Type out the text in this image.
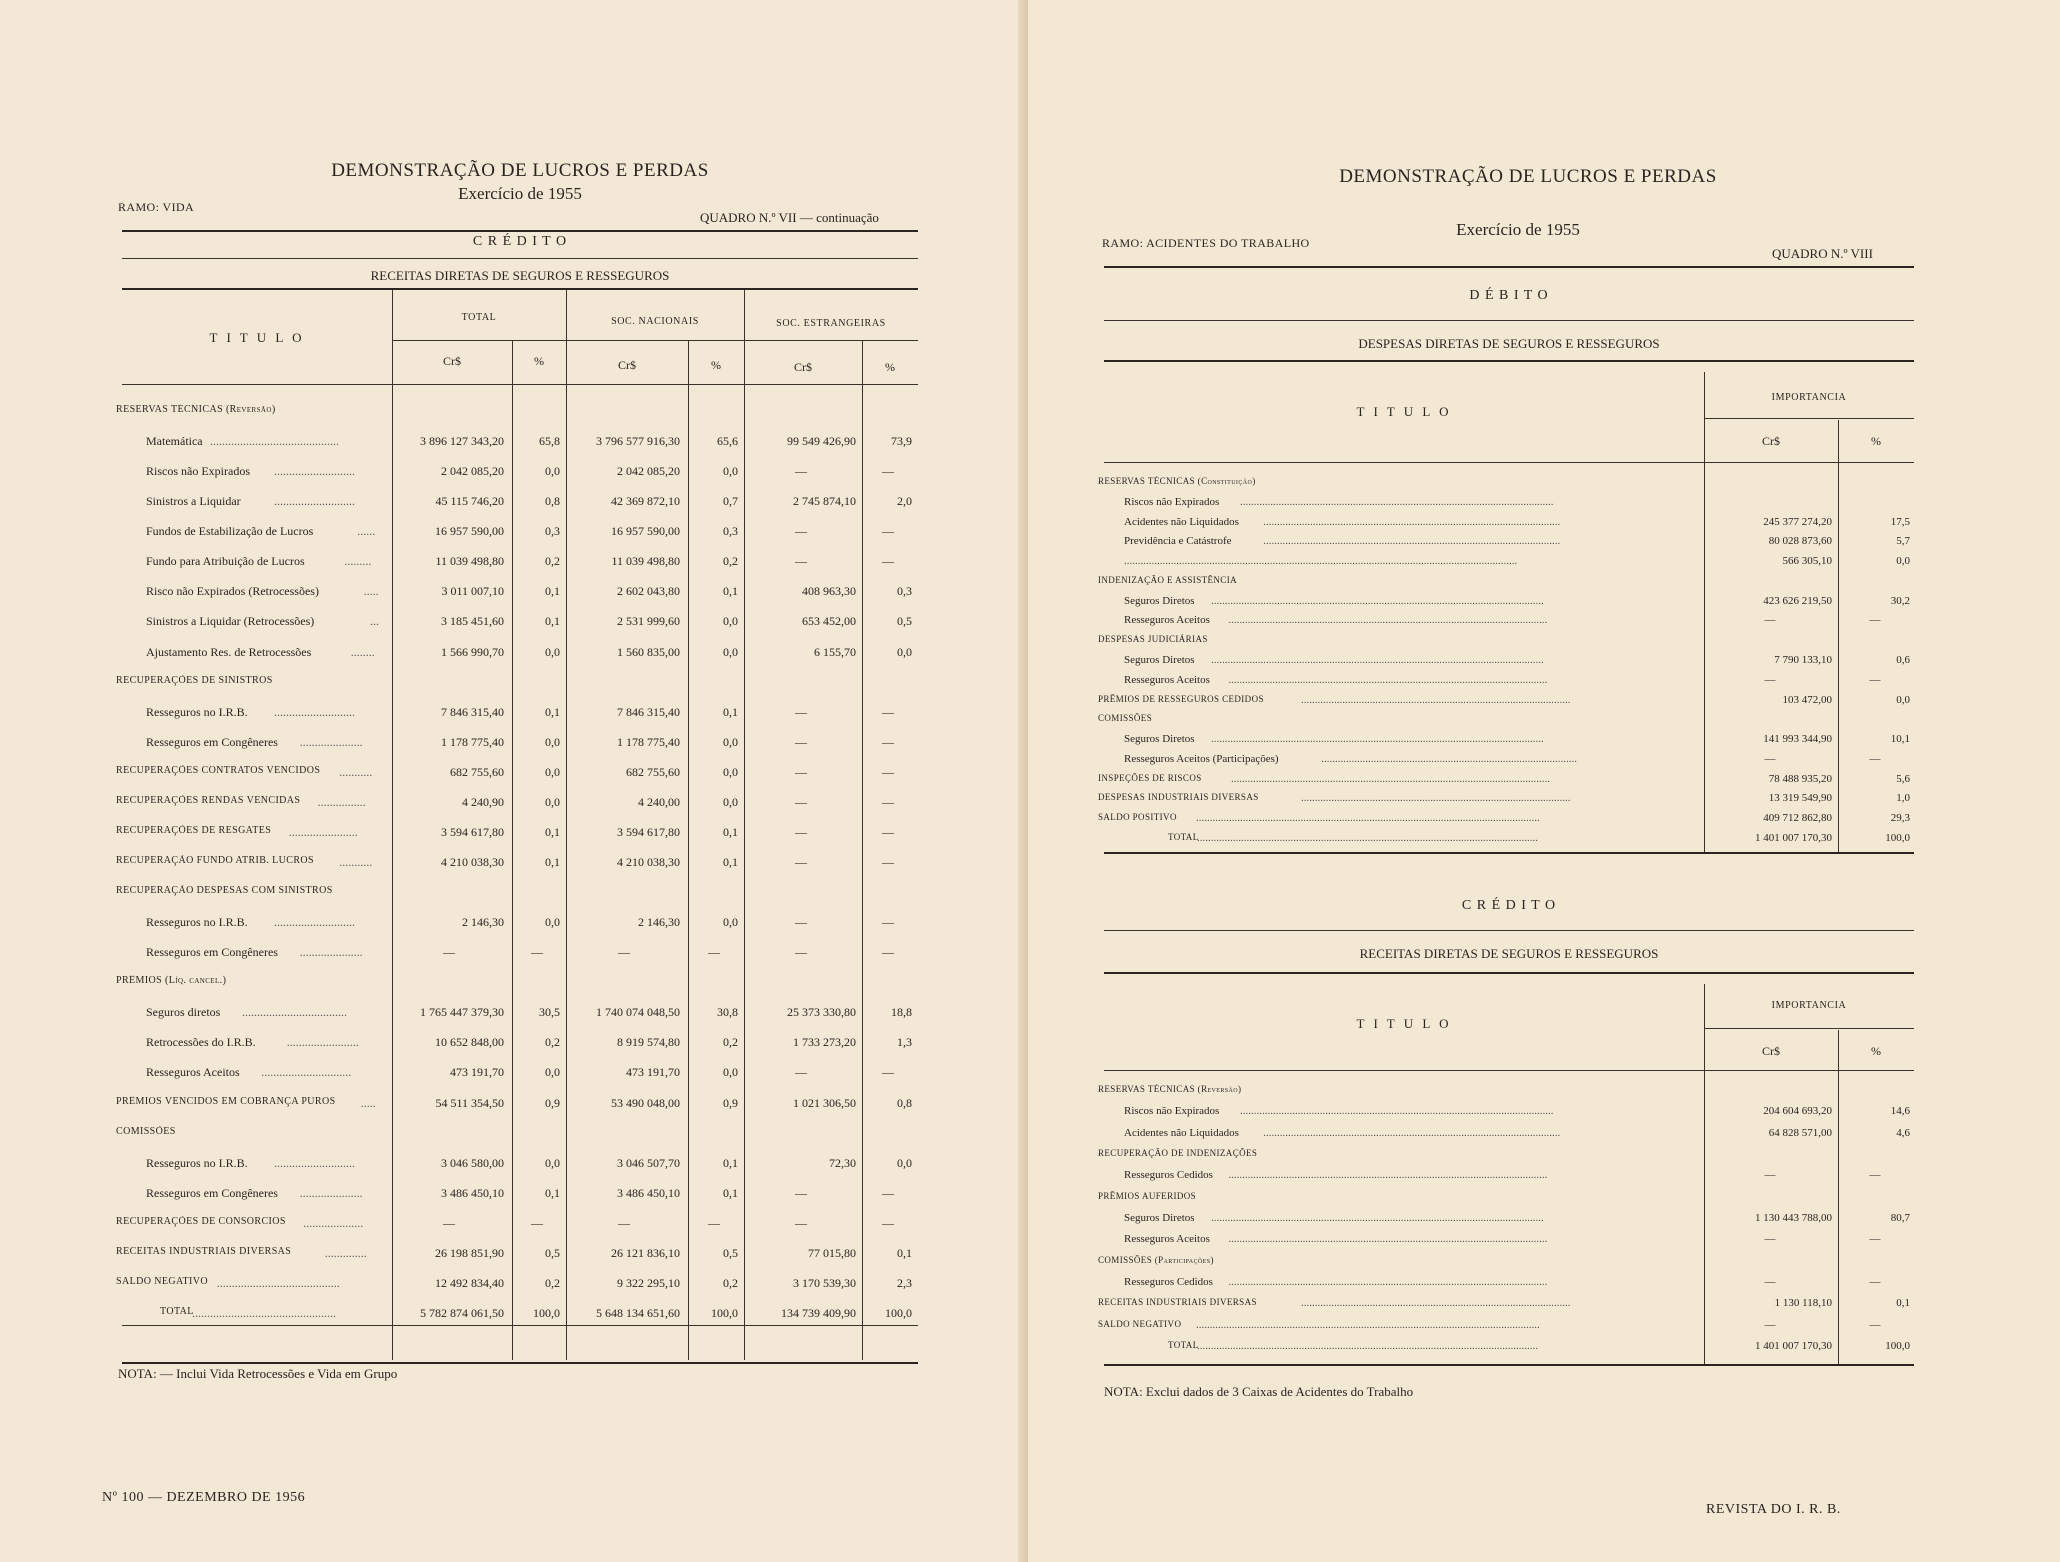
DEMONSTRAÇÃO DE LUCROS E PERDAS
Exercício de 1955
RAMO: VIDA
QUADRO N.º VII — continuação
C R É D I T O
RECEITAS DIRETAS DE SEGUROS E RESSEGUROS
T I T U L O
TOTAL	SOC. NACIONAIS	SOC. ESTRANGEIRAS
Cr$	%	Cr$	%	Cr$	%
RESERVAS TÉCNICAS (Reversão)
Matemática ...........................................	3 896 127 343,20	65,8	3 796 577 916,30	65,6	99 549 426,90	73,9
Riscos não Expirados ...........................	2 042 085,20	0,0	2 042 085,20	0,0	—	—
Sinistros a Liquidar	...........................	45 115 746,20	0,8	42 369 872,10	0,7	2 745 874,10	2,0
Fundos de Estabilização de Lucros	......	16 957 590,00	0,3	16 957 590,00	0,3	—	—
Fundo para Atribuição de Lucros	.........	11 039 498,80	0,2	11 039 498,80	0,2	—	—
Risco não Expirados (Retrocessões)	.....	3 011 007,10	0,1	2 602 043,80	0,1	408 963,30	0,3
Sinistros a Liquidar (Retrocessões)	...	3 185 451,60	0,1	2 531 999,60	0,0	653 452,00	0,5
Ajustamento Res. de Retrocessões	........	1 566 990,70	0,0	1 560 835,00	0,0	6 155,70	0,0
RECUPERAÇÕES DE SINISTROS
Resseguros no I.R.B. ...........................	7 846 315,40	0,1	7 846 315,40	0,1	—	—
Resseguros em Congêneres .....................	1 178 775,40	0,0	1 178 775,40	0,0	—	—
RECUPERAÇÕES CONTRATOS VENCIDOS ...........	682 755,60	0,0	682 755,60	0,0	—	—
RECUPERAÇÕES RENDAS VENCIDAS ................	4 240,90	0,0	4 240,00	0,0	—	—
RECUPERAÇÕES DE RESGATES .......................	3 594 617,80	0,1	3 594 617,80	0,1	—	—
RECUPERAÇÃO FUNDO ATRIB. LUCROS ...........	4 210 038,30	0,1	4 210 038,30	0,1	—	—
RECUPERAÇÃO DESPESAS COM SINISTROS
Resseguros no I.R.B. ...........................	2 146,30	0,0	2 146,30	0,0	—	—
Resseguros em Congêneres .....................	—	—	—	—	—	—
PRÊMIOS (Líq. cancel.)
Seguros diretos ...................................	1 765 447 379,30	30,5	1 740 074 048,50	30,8	25 373 330,80	18,8
Retrocessões do I.R.B.	........................	10 652 848,00	0,2	8 919 574,80	0,2	1 733 273,20	1,3
Resseguros Aceitos ..............................	473 191,70	0,0	473 191,70	0,0	—	—
PRÊMIOS VENCIDOS EM COBRANÇA PUROS .....	54 511 354,50	0,9	53 490 048,00	0,9	1 021 306,50	0,8
COMISSÕES
Resseguros no I.R.B. ...........................	3 046 580,00	0,0	3 046 507,70	0,1	72,30	0,0
Resseguros em Congêneres .....................	3 486 450,10	0,1	3 486 450,10	0,1	—	—
RECUPERAÇÕES DE CONSÓRCIOS ....................	—	—	—	—	—	—
RECEITAS INDUSTRIAIS DIVERSAS	..............	26 198 851,90	0,5	26 121 836,10	0,5	77 015,80	0,1
SALDO NEGATIVO .........................................	12 492 834,40	0,2	9 322 295,10	0,2	3 170 539,30	2,3
TOTAL
................................................	5 782 874 061,50	100,0	5 648 134 651,60	100,0	134 739 409,90	100,0
NOTA: — Inclui Vida Retrocessões e Vida em Grupo
Nº 100 — DEZEMBRO DE 1956
DEMONSTRAÇÃO DE LUCROS E PERDAS
Exercício de 1955
RAMO: ACIDENTES DO TRABALHO
QUADRO N.º VIII
D É B I T O
DESPESAS DIRETAS DE SEGUROS E RESSEGUROS
T I T U L O
IMPORTANCIA
Cr$	%
RESERVAS TÉCNICAS (Constituição)
Riscos não Expirados ..................................................................................................................
Acidentes não Liquidados ............................................................................................................	245 377 274,20	17,5
Previdência e Catástrofe	............................................................................................................	80 028 873,60	5,7
...............................................................................................................................................	566 305,10	0,0
INDENIZAÇÃO E ASSISTÊNCIA
Seguros Diretos .........................................................................................................................	423 626 219,50	30,2
Resseguros Aceitos ....................................................................................................................	—	—
DESPESAS JUDICIÁRIAS
Seguros Diretos .........................................................................................................................	7 790 133,10	0,6
Resseguros Aceitos ....................................................................................................................	—	—
PRÊMIOS DE RESSEGUROS CEDIDOS	..................................................................................................	103 472,00	0,0
COMISSÕES
Seguros Diretos .........................................................................................................................	141 993 344,90	10,1
Resseguros Aceitos (Participações)	.............................................................................................	—	—
INSPEÇÕES DE RISCOS	....................................................................................................................	78 488 935,20	5,6
DESPESAS INDUSTRIAIS DIVERSAS	..................................................................................................	13 319 549,90	1,0
SALDO POSITIVO .............................................................................................................................	409 712 862,80	29,3
TOTAL
............................................................................................................................	1 401 007 170,30	100,0
C R É D I T O
RECEITAS DIRETAS DE SEGUROS E RESSEGUROS
T I T U L O
IMPORTANCIA
Cr$	%
RESERVAS TÉCNICAS (Reversão)
Riscos não Expirados ..................................................................................................................	204 604 693,20	14,6
Acidentes não Liquidados ............................................................................................................	64 828 571,00	4,6
RECUPERAÇÃO DE INDENIZAÇÕES
Resseguros Cedidos ....................................................................................................................	—	—
PRÊMIOS AUFERIDOS
Seguros Diretos .........................................................................................................................	1 130 443 788,00	80,7
Resseguros Aceitos ....................................................................................................................	—	—
COMISSÕES (Participações)
Resseguros Cedidos ....................................................................................................................	—	—
RECEITAS INDUSTRIAIS DIVERSAS	..................................................................................................	1 130 118,10	0,1
SALDO NEGATIVO .............................................................................................................................	—	—
TOTAL
............................................................................................................................	1 401 007 170,30	100,0
NOTA: Exclui dados de 3 Caixas de Acidentes do Trabalho
REVISTA DO I. R. B.
